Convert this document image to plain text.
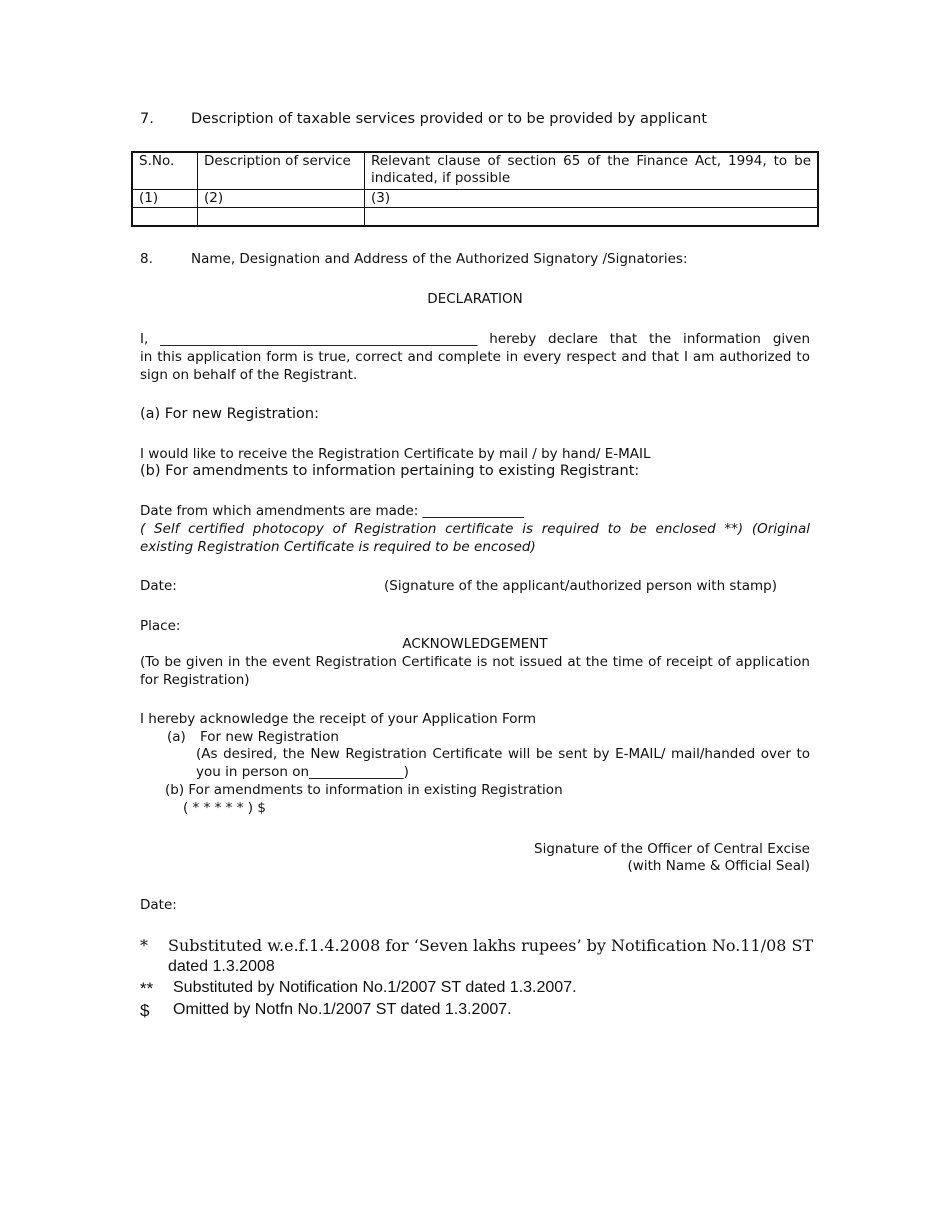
7.	Description of taxable services provided or to be provided by applicant
S.No.	Description of service	Relevant clause of section 65 of the Finance Act, 1994, to be indicated, if possible
(1)	(2)	(3)

8.	Name, Designation and Address of the Authorized Signatory /Signatories:
DECLARATION
I, _______________________________________________ hereby declare that the information given
in this application form is true, correct and complete in every respect and that I am authorized to
sign on behalf of the Registrant.
(a) For new Registration:
I would like to receive the Registration Certificate by mail / by hand/ E-MAIL
(b) For amendments to information pertaining to existing Registrant:
Date from which amendments are made: _______________
( Self certified photocopy of Registration certificate is required to be enclosed **) (Original
existing Registration Certificate is required to be encosed)
Date:	(Signature of the applicant/authorized person with stamp)
Place:
ACKNOWLEDGEMENT
(To be given in the event Registration Certificate is not issued at the time of receipt of application
for Registration)
I hereby acknowledge the receipt of your Application Form
(a) For new Registration
(As desired, the New Registration Certificate will be sent by E-MAIL/ mail/handed over to
you in person on______________)
(b) For amendments to information in existing Registration
( * * * * * ) $
Signature of the Officer of Central Excise
(with Name & Official Seal)
Date:
* Substituted w.e.f.1.4.2008 for ‘Seven lakhs rupees’ by Notification No.11/08 ST
dated 1.3.2008
** Substituted by Notification No.1/2007 ST dated 1.3.2007.
$ Omitted by Notfn No.1/2007 ST dated 1.3.2007.
